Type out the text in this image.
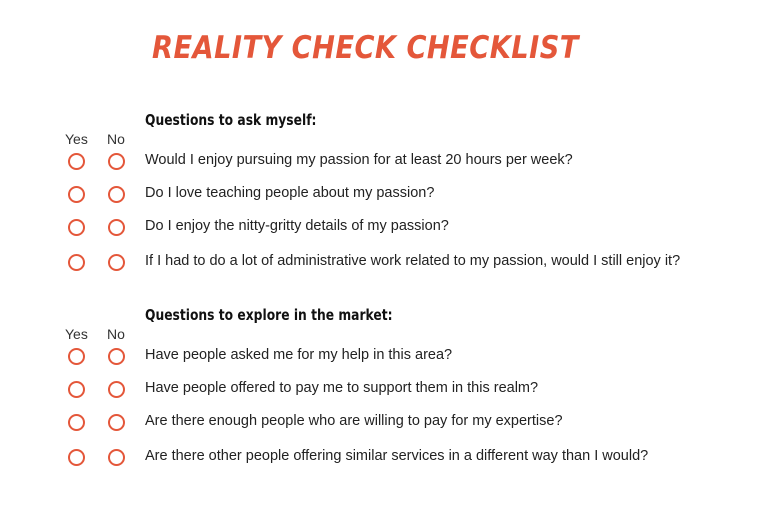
REALITY CHECK CHECKLIST
Questions to ask myself:
Yes No
Would I enjoy pursuing my passion for at least 20 hours per week?
Do I love teaching people about my passion?
Do I enjoy the nitty-gritty details of my passion?
If I had to do a lot of administrative work related to my passion, would I still enjoy it?
Questions to explore in the market:
Yes No
Have people asked me for my help in this area?
Have people offered to pay me to support them in this realm?
Are there enough people who are willing to pay for my expertise?
Are there other people offering similar services in a different way than I would?
